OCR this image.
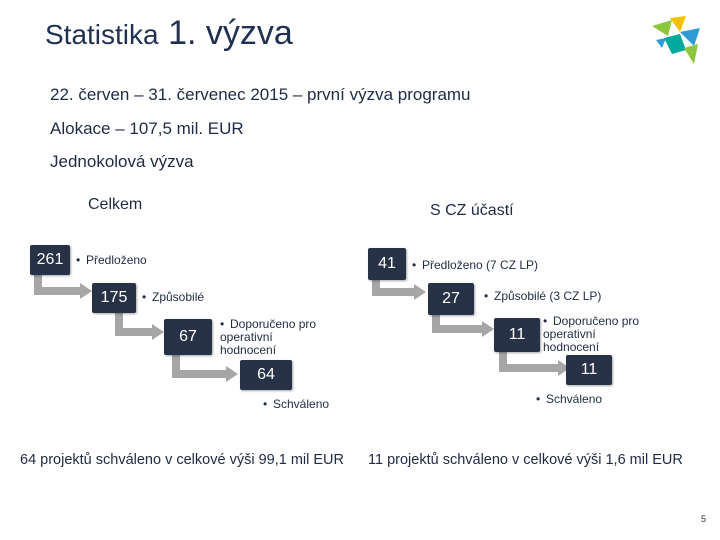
Statistika 1. výzva
22. červen – 31. červenec 2015 – první výzva programu
Alokace – 107,5 mil. EUR
Jednokolová výzva
Celkem
261	• Předloženo
175	• Způsobilé
67
• Doporučeno pro operativní hodnocení
64
• Schváleno
64 projektů schváleno v celkové výši 99,1 mil EUR
S CZ účastí
41	• Předloženo (7 CZ LP)
27	• Způsobilé (3 CZ LP)
11
• Doporučeno pro operativní hodnocení
11
• Schváleno
11 projektů schváleno v celkové výši 1,6 mil EUR
5
